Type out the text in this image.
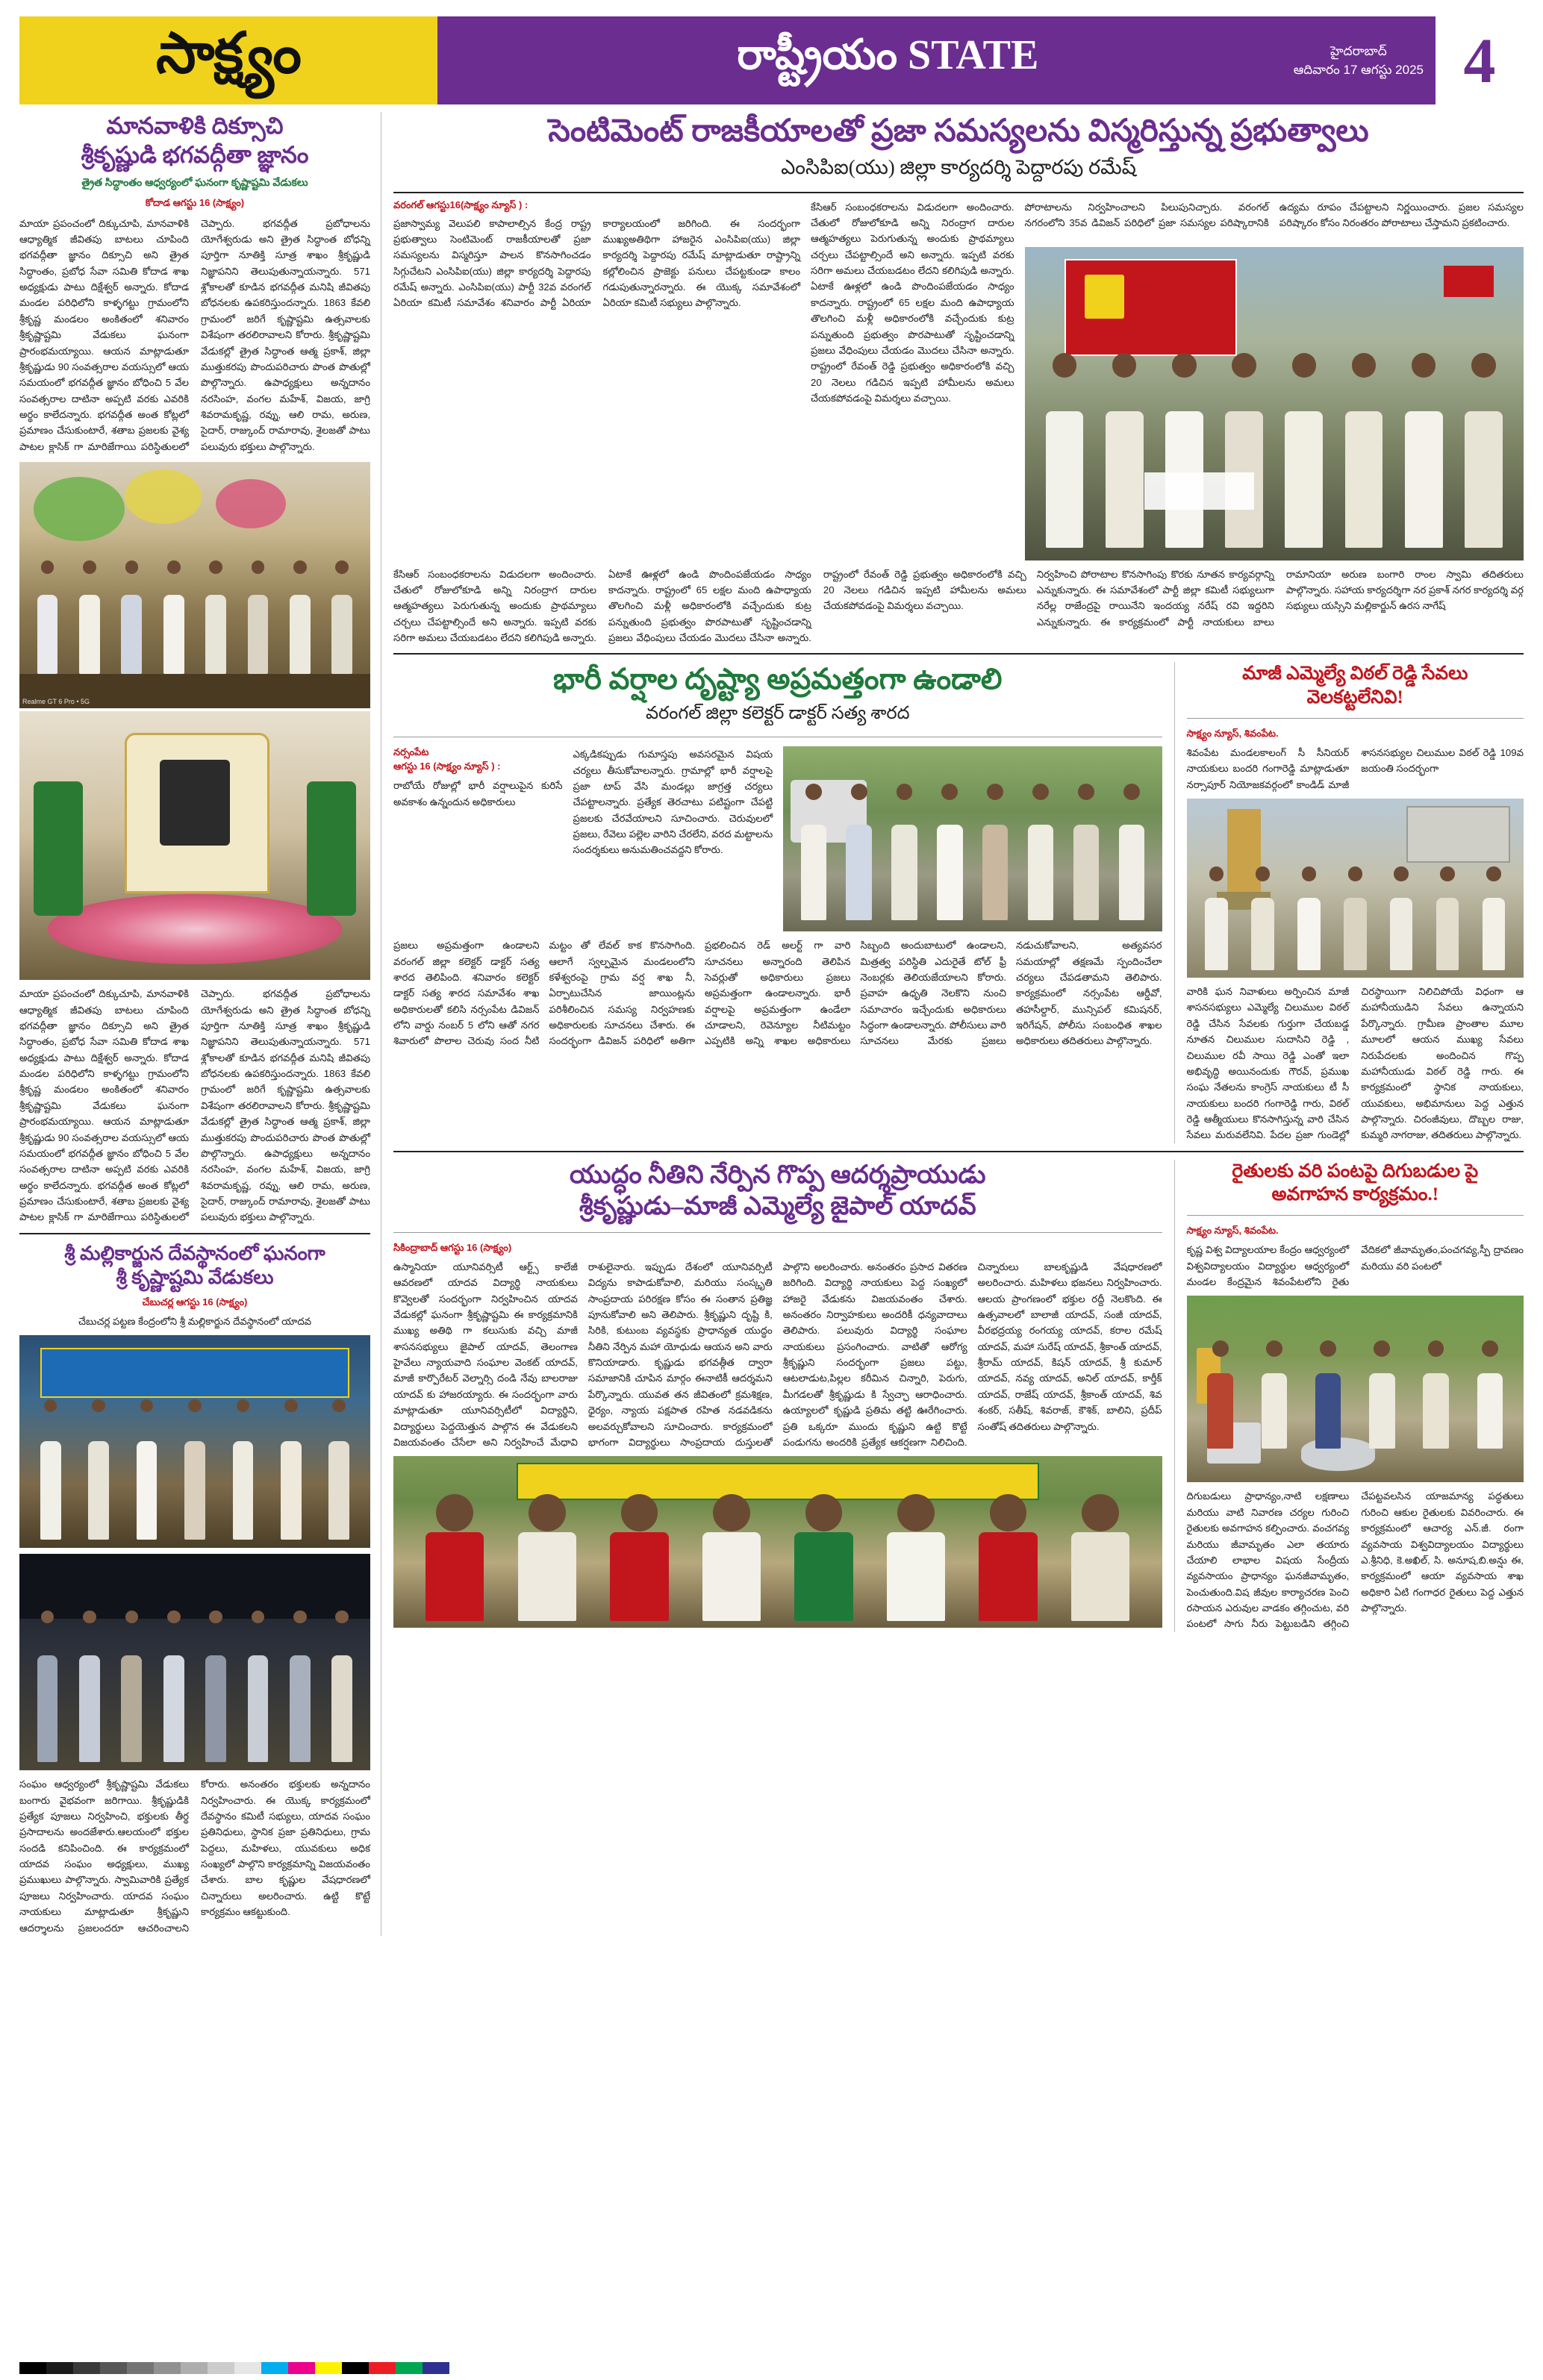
సాక్ష్యం	రాష్ట్రీయం STATE	హైదరాబాద్
ఆదివారం 17 ఆగస్టు 2025 4
మానవాళికి దిక్సూచి
శ్రీకృష్ణుడి భగవద్గీతా జ్ఞానం
త్రైత సిద్ధాంతం ఆధ్వర్యంలో ఘనంగా కృష్ణాష్టమి వేడుకలు
కోదాడ ఆగస్టు 16 (సాక్ష్యం)
మాయా ప్రపంచంలో దిక్కుచూపి, మానవాళికి ఆధ్యాత్మిక జీవితపు బాటలు చూపింది భగవద్గీతా జ్ఞానం దిక్సూచి అని త్రైత సిద్ధాంతం, ప్రబోధ సేవా సమితి కోదాడ శాఖ అధ్యక్షుడు పాటు దిక్షేశ్వర్ అన్నారు. కోదాడ మండల పరిధిలోని కాళ్ళగట్టు గ్రామంలోని శ్రీకృష్ణ మండలం అంకితంలో శనివారం శ్రీకృష్ణాష్టమి వేడుకలు ఘనంగా ప్రారంభమయ్యాయి. ఆయన మాట్లాడుతూ శ్రీకృష్ణుడు 90 సంవత్సరాల వయస్సులో ఆయ సమయంలో భగవద్గీత జ్ఞానం బోధించి 5 వేల సంవత్సరాల దాటినా అప్పటి వరకు ఎవరికి అర్థం కాలేదన్నారు. భగవద్గీత అంత కోట్లలో ప్రమాణం చేసుకుంటారే, శతాబ ప్రజలకు వైశ్య పాటల క్లాసిక్ గా మారిజేగాయి పరిస్థితులలో చెప్పారు. భగవద్గీత ప్రబోధాలను యోగేశ్వరుడు అని త్రైత సిద్ధాంత బోధన్ని పూర్తిగా నూతిక్తి సూత్ర శాఖం శ్రీకృష్ణుడి నిజ్ఞాపనిని తెలుపుతున్నాయన్నారు. 571 శ్లోకాలతో కూడిన భగవద్గీత మనిషి జీవితపు బోధనలకు ఉపకరిస్తుందన్నారు. 1863 కేవలి గ్రామంలో జరిగే కృష్ణాష్టమి ఉత్సవాలకు విశేషంగా తరలిరావాలని కోరారు. శ్రీకృష్ణాష్టమి వేడుకల్లో త్రైత సిద్ధాంత ఆత్మ ప్రకాశ్, జిల్లా ముత్తుకరపు పొందుపరిచారు పొంత పొతుల్లో పొల్గొన్నారు. ఉపాధ్యక్షులు అన్నదానం నరసింహ, వంగల మహేశ్, విజయ, జాగ్రి శివరామకృష్ణ, రవ్ను, ఆలి రామ, అరుణ, సైదార్, రాజ్కుంద్ రామారావు, శైలజతో పాటు పలువురు భక్తులు పాల్గొన్నారు.
Realme GT 6 Pro • 5G
మాయా ప్రపంచంలో దిక్కుచూపి, మానవాళికి ఆధ్యాత్మిక జీవితపు బాటలు చూపింది భగవద్గీతా జ్ఞానం దిక్సూచి అని త్రైత సిద్ధాంతం, ప్రబోధ సేవా సమితి కోదాడ శాఖ అధ్యక్షుడు పాటు దిక్షేశ్వర్ అన్నారు. కోదాడ మండల పరిధిలోని కాళ్ళగట్టు గ్రామంలోని శ్రీకృష్ణ మండలం అంకితంలో శనివారం శ్రీకృష్ణాష్టమి వేడుకలు ఘనంగా ప్రారంభమయ్యాయి. ఆయన మాట్లాడుతూ శ్రీకృష్ణుడు 90 సంవత్సరాల వయస్సులో ఆయ సమయంలో భగవద్గీత జ్ఞానం బోధించి 5 వేల సంవత్సరాల దాటినా అప్పటి వరకు ఎవరికి అర్థం కాలేదన్నారు. భగవద్గీత అంత కోట్లలో ప్రమాణం చేసుకుంటారే, శతాబ ప్రజలకు వైశ్య పాటల క్లాసిక్ గా మారిజేగాయి పరిస్థితులలో చెప్పారు. భగవద్గీత ప్రబోధాలను యోగేశ్వరుడు అని త్రైత సిద్ధాంత బోధన్ని పూర్తిగా నూతిక్తి సూత్ర శాఖం శ్రీకృష్ణుడి నిజ్ఞాపనిని తెలుపుతున్నాయన్నారు. 571 శ్లోకాలతో కూడిన భగవద్గీత మనిషి జీవితపు బోధనలకు ఉపకరిస్తుందన్నారు. 1863 కేవలి గ్రామంలో జరిగే కృష్ణాష్టమి ఉత్సవాలకు విశేషంగా తరలిరావాలని కోరారు. శ్రీకృష్ణాష్టమి వేడుకల్లో త్రైత సిద్ధాంత ఆత్మ ప్రకాశ్, జిల్లా ముత్తుకరపు పొందుపరిచారు పొంత పొతుల్లో పొల్గొన్నారు. ఉపాధ్యక్షులు అన్నదానం నరసింహ, వంగల మహేశ్, విజయ, జాగ్రి శివరామకృష్ణ, రవ్ను, ఆలి రామ, అరుణ, సైదార్, రాజ్కుంద్ రామారావు, శైలజతో పాటు పలువురు భక్తులు పాల్గొన్నారు.
శ్రీ మల్లికార్జున దేవస్థానంలో ఘనంగా
శ్రీ కృష్ణాష్టమి వేడుకలు
చేబుచర్ల ఆగస్టు 16 (సాక్ష్యం)
చేబుచర్ల పట్టణ కేంద్రంలోని శ్రీ మల్లికార్జున దేవస్థానంలో యాదవ
సంఘం ఆధ్వర్యంలో శ్రీకృష్ణాష్టమి వేడుకలు బంగారు వైభవంగా జరిగాయి. శ్రీకృష్ణుడికి ప్రత్యేక పూజలు నిర్వహించి, భక్తులకు తీర్థ ప్రసాదాలను అందజేశారు.ఆలయంలో భక్తుల సందడి కనిపించింది. ఈ కార్యక్రమంలో యాదవ సంఘం అధ్యక్షులు, ముఖ్య ప్రముఖులు పాల్గొన్నారు. స్వామివారికి ప్రత్యేక పూజలు నిర్వహించారు. యాదవ సంఘం నాయకులు మాట్లాడుతూ శ్రీకృష్ణుని ఆదర్శాలను ప్రజలందరూ ఆచరించాలని కోరారు. అనంతరం భక్తులకు అన్నదానం నిర్వహించారు. ఈ యొక్క కార్యక్రమంలో దేవస్థానం కమిటీ సభ్యులు, యాదవ సంఘం ప్రతినిధులు, స్థానిక ప్రజా ప్రతినిధులు, గ్రామ పెద్దలు, మహిళలు, యువకులు అధిక సంఖ్యలో పాల్గొని కార్యక్రమాన్ని విజయవంతం చేశారు. బాల కృష్ణుల వేషధారణలో చిన్నారులు అలరించారు. ఉట్టి కొట్టే కార్యక్రమం ఆకట్టుకుంది.
సెంటిమెంట్ రాజకీయాలతో ప్రజా సమస్యలను విస్మరిస్తున్న ప్రభుత్వాలు
ఎంసిపిఐ(యు) జిల్లా కార్యదర్శి పెద్దారపు రమేష్
వరంగల్ ఆగస్టు16(సాక్ష్యం న్యూస్ ) :
ప్రజాస్వామ్య వెలుపలి కాపాలాల్సిన కేంద్ర రాష్ట్ర ప్రభుత్వాలు సెంటిమెంట్ రాజకీయాలతో ప్రజా సమస్యలను విస్మరిస్తూ పాలన కొనసాగించడం సిగ్గుచేటని ఎంసిపిఐ(యు) జిల్లా కార్యదర్శి పెద్దారపు రమేష్ అన్నారు. ఎంసిపిఐ(యు) పార్టీ 32వ వరంగల్ ఏరియా కమిటీ సమావేశం శనివారం పార్టీ ఏరియా కార్యాలయంలో జరిగింది. ఈ సందర్భంగా ముఖ్యఅతిథిగా హాజరైన ఎంసిపిఐ(యు) జిల్లా కార్యదర్శి పెద్దారపు రమేష్ మాట్లాడుతూ రాష్ట్రాన్ని కల్లోలించిన ప్రాజెక్టు పనులు చేపట్టకుండా కాలం గడుపుతున్నారన్నారు. ఈ యొక్క సమావేశంలో ఏరియా కమిటీ సభ్యులు పాల్గొన్నారు.
కేసిఆర్ సంబంధకరాలను విడుదలగా అందించారు. చేతులో రోజులోకూడి అన్ని నిరంద్రాగ దారుల ఆత్మహత్యలు పెరుగుతున్న అందుకు ప్రాథమ్యాలు చర్చలు చేపట్టాల్సిందే అని అన్నారు. ఇప్పటి వరకు సరిగా అమలు చేయబడటం లేదని కలిగిపుడి అన్నారు. ఏటాకే ఊళ్లలో ఉండి పొందింపజేయడం సాధ్యం కాదన్నారు. రాష్ట్రంలో 65 లక్షల మంది ఉపాధ్యాయ తొలగించి మళ్లీ అధికారంలోకి వచ్చేందుకు కుట్ర పన్నుతుంది ప్రభుత్వం పొరపాటుతో సృష్టించడాన్ని ప్రజలు వేధింపులు చేయడం మొదలు చేసినా అన్నారు. రాష్ట్రంలో రేవంత్ రెడ్డి ప్రభుత్వం అధికారంలోకి వచ్చి 20 నెలలు గడిచిన ఇప్పటి హామీలను అమలు చేయకపోవడంపై విమర్శలు వచ్చాయి.
పోరాటాలను నిర్వహించాలని పిలుపునిచ్చారు. వరంగల్ నగరంలోని 35వ డివిజన్ పరిధిలో ప్రజా సమస్యల పరిష్కారానికి ఉద్యమ రూపం చేపట్టాలని నిర్ణయించారు. ప్రజల సమస్యల పరిష్కారం కోసం నిరంతరం పోరాటాలు చేస్తామని ప్రకటించారు.
కేసిఆర్ సంబంధకరాలను విడుదలగా అందించారు. చేతులో రోజులోకూడి అన్ని నిరంద్రాగ దారుల ఆత్మహత్యలు పెరుగుతున్న అందుకు ప్రాథమ్యాలు చర్చలు చేపట్టాల్సిందే అని అన్నారు. ఇప్పటి వరకు సరిగా అమలు చేయబడటం లేదని కలిగిపుడి అన్నారు. ఏటాకే ఊళ్లలో ఉండి పొందింపజేయడం సాధ్యం కాదన్నారు. రాష్ట్రంలో 65 లక్షల మంది ఉపాధ్యాయ తొలగించి మళ్లీ అధికారంలోకి వచ్చేందుకు కుట్ర పన్నుతుంది ప్రభుత్వం పొరపాటుతో సృష్టించడాన్ని ప్రజలు వేధింపులు చేయడం మొదలు చేసినా అన్నారు. రాష్ట్రంలో రేవంత్ రెడ్డి ప్రభుత్వం అధికారంలోకి వచ్చి 20 నెలలు గడిచిన ఇప్పటి హామీలను అమలు చేయకపోవడంపై విమర్శలు వచ్చాయి.
నిర్వహించి పోరాటాల కొనసాగింపు కొరకు నూతన కార్యవర్గాన్ని ఎన్నుకున్నారు. ఈ సమావేశంలో పార్టీ జిల్లా కమిటీ సభ్యులుగా నరేల్ల రాజేంద్రపై రాయినేని ఇందయ్య నరేష్ రవి ఇద్దరిని ఎన్నుకున్నారు. ఈ కార్యక్రమంలో పార్టీ నాయకులు బాలు రామానియా అరుణ బంగారి రాంల స్వామి తదితరులు పాల్గొన్నారు. సహాయ కార్యదర్శిగా నర ప్రకాశ్ నగర కార్యదర్శి వర్గ సభ్యులు యస్సిని మల్లికార్జున్ ఉరస నాగేష్
భారీ వర్షాల దృష్ట్యా అప్రమత్తంగా ఉండాలి
వరంగల్ జిల్లా కలెక్టర్ డాక్టర్ సత్య శారద
నర్సంపేట
ఆగస్టు 16 (సాక్ష్యం న్యూస్ ) :
రాబోయే రోజుల్లో భారీ వర్షాలుపైన కురిసే అవకాశం ఉన్నందున అధికారులు
ఎక్కడికప్పుడు గుమాస్తపు అవసరమైన విషయ చర్యలు తీసుకోవాలన్నారు. గ్రామాల్లో భారీ వర్షాలపై ప్రజా టాప్ వేసి మండల్లు జాగ్రత్త చర్యలు చేపట్టాలన్నారు. ప్రత్యేక తెరచాటు పటిష్టంగా చేపట్టి ప్రజలకు చేరవేయాలని సూచించారు. చెరువులలో ప్రజలు, రేవెలు పల్లెల వారిని చేరలేని, వరద మట్టాలను సందర్శకులు అనుమతించవద్దని కోరారు.
ప్రజలు అప్రమత్తంగా ఉండాలని వరంగల్ జిల్లా కలెక్టర్ డాక్టర్ సత్య శారద తెలిపింది. శనివారం కలెక్టర్ డాక్టర్ సత్య శారద సమావేశం శాఖ అధికారులతో కలిసి నర్సంపేట డివిజన్ లోని వార్డు నంబర్ 5 లోని ఆతో నగర శివారులో పొలాల చెరువు సంద నీటి మట్టం తో లేవల్ కాక కొనసాగింది. ఆలాగే స్వల్పమైన మండలంలోని కళేశ్వరంపై గ్రామ వర్ష శాఖ నీ, ఏర్పాటుచేసిన జాయింట్లను పరిశీలించిన సమస్య నిర్వహణకు అధికారులకు సూచనలు చేశారు. ఈ సందర్భంగా డివిజన్ పరిధిలో అతిగా ప్రభలించిన రెడ్ అలర్ట్ గా వారి సూచనలు అన్నారంది తెలిపిన సెవర్లుతో అధికారులు ప్రజలు అప్రమత్తంగా ఉండాలన్నారు. భారీ వర్షాలపై అప్రమత్తంగా ఉండేలా చూడాలని, రెవెన్యూల నీటిమట్టం ఎప్పటికి అన్ని శాఖల అధికారులు సిబ్బంది అందుబాటులో ఉండాలని, మిత్రత్వ పరిస్థితి ఎదురైతే టోల్ ఫ్రీ నెంబర్లకు తెలియజేయాలని కోరారు. ప్రవాహ ఉధృతి నెలకొని నుంచి సమాచారం ఇచ్చేందుకు అధికారులు సిద్ధంగా ఉండాలన్నారు. పోలీసులు వారి సూచనలు మేరకు ప్రజలు నడుచుకోవాలని, అత్యవసర సమయాల్లో తక్షణమే స్పందించేలా చర్యలు చేపడతామని తెలిపారు. కార్యక్రమంలో నర్సంపేట ఆర్డీవో, తహసీల్దార్, మున్సిపల్ కమిషనర్, ఇరిగేషన్, పోలీసు సంబంధిత శాఖల అధికారులు తదితరులు పాల్గొన్నారు.
మాజీ ఎమ్మెల్యే విఠల్ రెడ్డి సేవలు
వెలకట్టలేనివి!
సాక్ష్యం న్యూస్, శివంపేట.
శివంపేట మండలకాలంగ్ సీ సీనియర్ నాయకులు బందరి గంగారెడ్డి మాట్లాడుతూ నర్సాపూర్ నియోజకవర్గంలో కాండిడ్ మాజీ శాసనసభ్యుల చిలుముల విఠల్ రెడ్డి 109వ జయంతి సందర్భంగా
వారికి ఘన నివాళులు అర్పించిన మాజీ శాసనసభ్యులు ఎమ్మెల్యే చిలుముల విఠల్ రెడ్డి చేసిన సేవలకు గుర్తుగా చేయబడ్డ నూతన చిలుముల సుదాసిని రెడ్డి , చిలుముల రవీ సాయి రెడ్డి ఎంతో ఇలా అభివృద్ధి అయినందుకు గౌరవ్, ప్రముఖ సంఘ నేతలను కాంగ్రెస్ నాయకులు టీ సీ నాయకులు బందరి గంగారెడ్డి గారు, విఠల్ రెడ్డి ఆత్మీయులు కొనసాగిస్తున్న వారి చేసిన సేవలు మరువలేనివి. పేదల ప్రజా గుండెల్లో చిరస్థాయిగా నిలిచిపోయే విధంగా ఆ మహానీయుడిని సేవలు ఉన్నాయని పేర్కొన్నారు. గ్రామీణ ప్రాంతాల మూల మూలలో ఆయన ముఖ్య సేవలు నిరుపేదలకు అందించిన గొప్ప మహానీయుడు విఠల్ రెడ్డి గారు. ఈ కార్యక్రమంలో స్థానిక నాయకులు, యువకులు, అభిమానులు పెద్ద ఎత్తున పాల్గొన్నారు. చిరంజీవులు, దొబ్బల రాజు, కుమ్మరి నాగరాజు, తదితరులు పాల్గొన్నారు.
యుద్ధం నీతిని నేర్పిన గొప్ప ఆదర్శప్రాయుడు
శ్రీకృష్ణుడు–మాజీ ఎమ్మెల్యే జైపాల్ యాదవ్
సికింద్రాబాద్ ఆగస్టు 16 (సాక్ష్యం)
ఉస్మానియా యూనివర్సిటీ ఆర్ట్స్ కాలేజీ ఆవరణలో యాదవ విద్యార్థి నాయకులు కొవ్వెలతో సందర్భంగా నిర్వహించిన యాదవ వేడుకల్లో ఘనంగా శ్రీకృష్ణాష్టమి ఈ కార్యక్రమానికి ముఖ్య అతిథి గా కలుసుకు వచ్చి మాజీ శాసనసభ్యులు జైపాల్ యాదవ్, తెలంగాణ హైవేలు న్యాయవాది సంఘాల వెంకట్ యాదవ్, మాజీ కార్పొరేటర్ వెల్నార్సి దండి నేవు బాలరాజు యాదవ్ కు హాజరయ్యారు. ఈ సందర్భంగా వారు మాట్లాడుతూ యూనివర్సిటీలో విద్యార్థిని, విద్యార్థులు పెద్దయెత్తున పాల్గొన ఈ వేడుకలని విజయవంతం చేసేలా అని నిర్వహించే మేధావి రాశులైనారు. ఇప్పుడు దేశంలో యూనివర్సిటీ విద్యను కాపాడుకోవాలి, మరియు సంస్కృతి సాంప్రదాయ పరిరక్షణ కోసం ఈ సంతాన ప్రతిజ్ఞ పూనుకోవాలి అని తెలిపారు. శ్రీకృష్ణుని దృష్టి కి, సిరికి, కుటుంబ వ్యవస్థకు ప్రాధాన్యత యుద్ధం నీతిని నేర్పిన మహా యోధుడు ఆయన అని వారు కొనియాడారు. కృష్ణుడు భగవత్గీత ద్వారా సమాజానికి చూపిన మార్గం ఈనాటికీ ఆదర్శమని పేర్కొన్నారు. యువత తన జీవితంలో క్రమశిక్షణ, ధైర్యం, న్యాయ పక్షపాత రహిత నడవడికను అలవర్చుకోవాలని సూచించారు. కార్యక్రమంలో భాగంగా విద్యార్థులు సాంప్రదాయ దుస్తులతో పాల్గొని అలరించారు. అనంతరం ప్రసాద వితరణ జరిగింది. విద్యార్థి నాయకులు పెద్ద సంఖ్యలో హాజరై వేడుకను విజయవంతం చేశారు. అనంతరం నిర్వాహకులు అందరికీ ధన్యవాదాలు తెలిపారు. పలువురు విద్యార్థి సంఘాల నాయకులు ప్రసంగించారు. వాటితో ఆరోగ్య శ్రీకృష్ణుని సందర్భంగా ప్రజలు పట్టు, ఆటలాడుట,పిల్లల కరీమిన చిన్నారి, పెరుగు, మీగడలతో శ్రీకృష్ణుడు కి స్వేచ్ఛా ఆరాధించారు. ఉయ్యాలలో కృష్ణుడి ప్రతిమ తట్టి ఊరేగించారు. ప్రతి ఒక్కరూ ముందు కృష్ణుని ఉట్టి కొట్టే పండుగను అందరికి ప్రత్యేక ఆకర్షణగా నిలిచింది. చిన్నారులు బాలకృష్ణుడి వేషధారణలో అలరించారు. మహిళలు భజనలు నిర్వహించారు. ఆలయ ప్రాంగణంలో భక్తుల రద్దీ నెలకొంది. ఈ ఉత్సవాలలో బాలాజీ యాదవ్, సంజీ యాదవ్, వీరభద్రయ్య రంగయ్య యాదవ్, కరాల రమేష్ యాదవ్, మహా సురేష్ యాదవ్, శ్రీకాంత్ యాదవ్, శ్రీరామ్ యాదవ్, కిషన్ యాదవ్, శ్రీ కుమార్ యాదవ్, నవ్య యాదవ్, అనిల్ యాదవ్, కార్తీక్ యాదవ్, రాజేష్ యాదవ్, శ్రీకాంత్ యాదవ్, శివ శంకర్, సతీష్, శివరాజ్, కౌశిక్, బాలిని, ప్రదీప్ సంతోష్ తదితరులు పాల్గొన్నారు.
రైతులకు వరి పంటపై దిగుబడుల పై
అవగాహన కార్యక్రమం.!
సాక్ష్యం న్యూస్, శివంపేట.
కృష్ణ విశ్వ విద్యాలయాల కేంద్రం ఆధ్వర్యంలో విశ్వవిద్యాలయం విద్యార్థుల ఆధ్వర్యంలో మండల కేంద్రమైన శివంపేటలోని రైతు వేదికలో జీవామృతం,పంచగవ్య,స్పీ ద్రావణం మరియు వరి పంటలో
దిగుబడులు ప్రాధాన్యం,నాటి లక్షణాలు మరియు వాటి నివారణ చర్యల గురించి రైతులకు అవగాహన కల్పించారు. వంచగవ్య మరియు జీవామృతం ఎలా తయారు చేయాలి లాభాల విషయ సేంద్రీయ వ్యవసాయం ప్రాధాన్యం ఘనజీవామృతం, పెంచుతుంది.విష జీవుల కార్యాచరణ పెంచి రసాయన ఎరువుల వాడకం తగ్గించుట, వరి పంటలో సాగు నీరు పెట్టుబడిని తగ్గించి చేపట్టవలసిన యాజమాన్య పద్ధతులు గురించి ఆకుల రైతులకు వివరించారు. ఈ కార్యక్రమంలో ఆచార్య ఎన్.జీ. రంగా వ్యవసాయ విశ్వవిద్యాలయం విద్యార్థులు ఎ.శ్రీనిధి, కె.అఖిల్, సి. అనూష,బి.అన్షు ఈ, కార్యక్రమంలో ఆయా వ్యవసాయ శాఖ అధికారి ఏటి గంగాధర రైతులు పెద్ద ఎత్తున పాల్గొన్నారు.
